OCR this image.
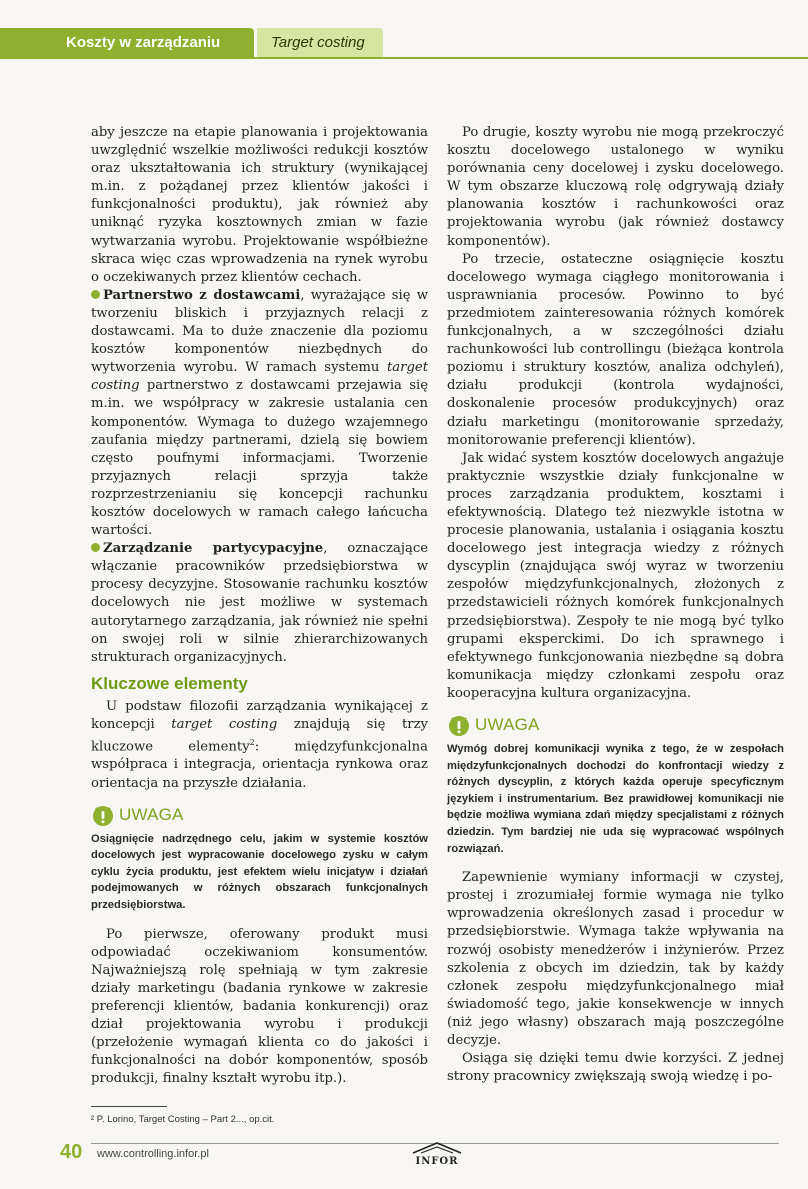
Koszty w zarządzaniu	Target costing

aby jeszcze na etapie planowania i projektowania uwzględnić wszelkie możliwości redukcji kosztów oraz ukształtowania ich struktury (wynikającej m.in. z pożądanej przez klientów jakości i funkcjonalności produktu), jak również aby uniknąć ryzyka kosztownych zmian w fazie wytwarzania wyrobu. Projektowanie współbieżne skraca więc czas wprowadzenia na rynek wyrobu o oczekiwanych przez klientów cechach.

Partnerstwo z dostawcami, wyrażające się w tworzeniu bliskich i przyjaznych relacji z dostawcami. Ma to duże znaczenie dla poziomu kosztów komponentów niezbędnych do wytworzenia wyrobu. W ramach systemu target costing partnerstwo z dostawcami przejawia się m.in. we współpracy w zakresie ustalania cen komponentów. Wymaga to dużego wzajemnego zaufania między partnerami, dzielą się bowiem często poufnymi informacjami. Tworzenie przyjaznych relacji sprzyja także rozprzestrzenianiu się koncepcji rachunku kosztów docelowych w ramach całego łańcucha wartości.

Zarządzanie partycypacyjne, oznaczające włączanie pracowników przedsiębiorstwa w procesy decyzyjne. Stosowanie rachunku kosztów docelowych nie jest możliwe w systemach autorytarnego zarządzania, jak również nie spełni on swojej roli w silnie zhierarchizowanych strukturach organizacyjnych.

Kluczowe elementy

U podstaw filozofii zarządzania wynikającej z koncepcji target costing znajdują się trzy kluczowe elementy$^2$: międzyfunkcjonalna współpraca i integracja, orientacja rynkowa oraz orientacja na przyszłe działania.

UWAGA
Osiągnięcie nadrzędnego celu, jakim w systemie kosztów docelowych jest wypracowanie docelowego zysku w całym cyklu życia produktu, jest efektem wielu inicjatyw i działań podejmowanych w różnych obszarach funkcjonalnych przedsiębiorstwa.

Po pierwsze, oferowany produkt musi odpowiadać oczekiwaniom konsumentów. Najważniejszą rolę spełniają w tym zakresie działy marketingu (badania rynkowe w zakresie preferencji klientów, badania konkurencji) oraz dział projektowania wyrobu i produkcji (przełożenie wymagań klienta co do jakości i funkcjonalności na dobór komponentów, sposób produkcji, finalny kształt wyrobu itp.).

Po drugie, koszty wyrobu nie mogą przekroczyć kosztu docelowego ustalonego w wyniku porównania ceny docelowej i zysku docelowego. W tym obszarze kluczową rolę odgrywają działy planowania kosztów i rachunkowości oraz projektowania wyrobu (jak również dostawcy komponentów).

Po trzecie, ostateczne osiągnięcie kosztu docelowego wymaga ciągłego monitorowania i usprawniania procesów. Powinno to być przedmiotem zainteresowania różnych komórek funkcjonalnych, a w szczególności działu rachunkowości lub controllingu (bieżąca kontrola poziomu i struktury kosztów, analiza odchyleń), działu produkcji (kontrola wydajności, doskonalenie procesów produkcyjnych) oraz działu marketingu (monitorowanie sprzedaży, monitorowanie preferencji klientów).

Jak widać system kosztów docelowych angażuje praktycznie wszystkie działy funkcjonalne w proces zarządzania produktem, kosztami i efektywnością. Dlatego też niezwykle istotna w procesie planowania, ustalania i osiągania kosztu docelowego jest integracja wiedzy z różnych dyscyplin (znajdująca swój wyraz w tworzeniu zespołów międzyfunkcjonalnych, złożonych z przedstawicieli różnych komórek funkcjonalnych przedsiębiorstwa). Zespoły te nie mogą być tylko grupami eksperckimi. Do ich sprawnego i efektywnego funkcjonowania niezbędne są dobra komunikacja między członkami zespołu oraz kooperacyjna kultura organizacyjna.

UWAGA
Wymóg dobrej komunikacji wynika z tego, że w zespołach międzyfunkcjonalnych dochodzi do konfrontacji wiedzy z różnych dyscyplin, z których każda operuje specyficznym językiem i instrumentarium. Bez prawidłowej komunikacji nie będzie możliwa wymiana zdań między specjalistami z różnych dziedzin. Tym bardziej nie uda się wypracować wspólnych rozwiązań.

Zapewnienie wymiany informacji w czystej, prostej i zrozumiałej formie wymaga nie tylko wprowadzenia określonych zasad i procedur w przedsiębiorstwie. Wymaga także wpływania na rozwój osobisty menedżerów i inżynierów. Przez szkolenia z obcych im dziedzin, tak by każdy członek zespołu międzyfunkcjonalnego miał świadomość tego, jakie konsekwencje w innych (niż jego własny) obszarach mają poszczególne decyzje.

Osiąga się dzięki temu dwie korzyści. Z jednej strony pracownicy zwiększają swoją wiedzę i po-

² P. Lorino, Target Costing – Part 2..., op.cit.
40 www.controlling.infor.pl
INFOR
